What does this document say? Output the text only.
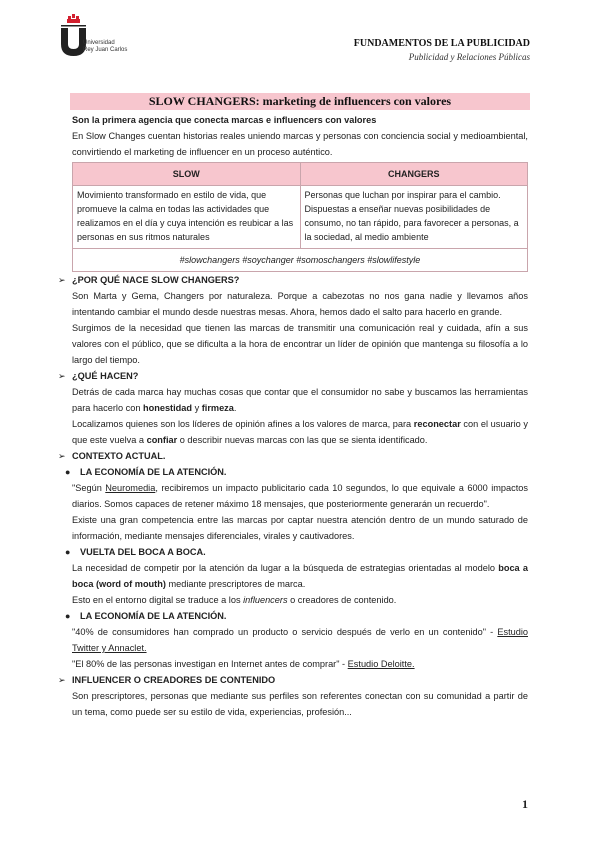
Universidad
Rey Juan Carlos
FUNDAMENTOS DE LA PUBLICIDAD
Publicidad y Relaciones Públicas
SLOW CHANGERS: marketing de influencers con valores

Son la primera agencia que conecta marcas e influencers con valores

En Slow Changes cuentan historias reales uniendo marcas y personas con conciencia social y medioambiental, convirtiendo el marketing de influencer en un proceso auténtico.

SLOW	CHANGERS
Movimiento transformado en estilo de vida, que promueve la calma en todas las actividades que realizamos en el día y cuya intención es reubicar a las personas en sus ritmos naturales	Personas que luchan por inspirar para el cambio. Dispuestas a enseñar nuevas posibilidades de consumo, no tan rápido, para favorecer a personas, a la sociedad, al medio ambiente
#slowchangers #soychanger #somoschangers #slowlifestyle	

➢ ¿POR QUÉ NACE SLOW CHANGERS?

Son Marta y Gema, Changers por naturaleza. Porque a cabezotas no nos gana nadie y llevamos años intentando cambiar el mundo desde nuestras mesas. Ahora, hemos dado el salto para hacerlo en grande.

Surgimos de la necesidad que tienen las marcas de transmitir una comunicación real y cuidada, afín a sus valores con el público, que se dificulta a la hora de encontrar un líder de opinión que mantenga su filosofía a lo largo del tiempo.

➢ ¿QUÉ HACEN?

Detrás de cada marca hay muchas cosas que contar que el consumidor no sabe y buscamos las herramientas para hacerlo con honestidad y firmeza.

Localizamos quienes son los líderes de opinión afines a los valores de marca, para reconectar con el usuario y que este vuelva a confiar o describir nuevas marcas con las que se sienta identificado.

➢ CONTEXTO ACTUAL.

● LA ECONOMÍA DE LA ATENCIÓN.

"Según Neuromedia, recibiremos un impacto publicitario cada 10 segundos, lo que equivale a 6000 impactos diarios. Somos capaces de retener máximo 18 mensajes, que posteriormente generarán un recuerdo".

Existe una gran competencia entre las marcas por captar nuestra atención dentro de un mundo saturado de información, mediante mensajes diferenciales, virales y cautivadores.

● VUELTA DEL BOCA A BOCA.

La necesidad de competir por la atención da lugar a la búsqueda de estrategias orientadas al modelo boca a boca (word of mouth) mediante prescriptores de marca.

Esto en el entorno digital se traduce a los influencers o creadores de contenido.

● LA ECONOMÍA DE LA ATENCIÓN.

"40% de consumidores han comprado un producto o servicio después de verlo en un contenido" - Estudio Twitter y Annaclet.

"El 80% de las personas investigan en Internet antes de comprar" - Estudio Deloitte.

➢ INFLUENCER O CREADORES DE CONTENIDO

Son prescriptores, personas que mediante sus perfiles son referentes conectan con su comunidad a partir de un tema, como puede ser su estilo de vida, experiencias, profesión...

1
